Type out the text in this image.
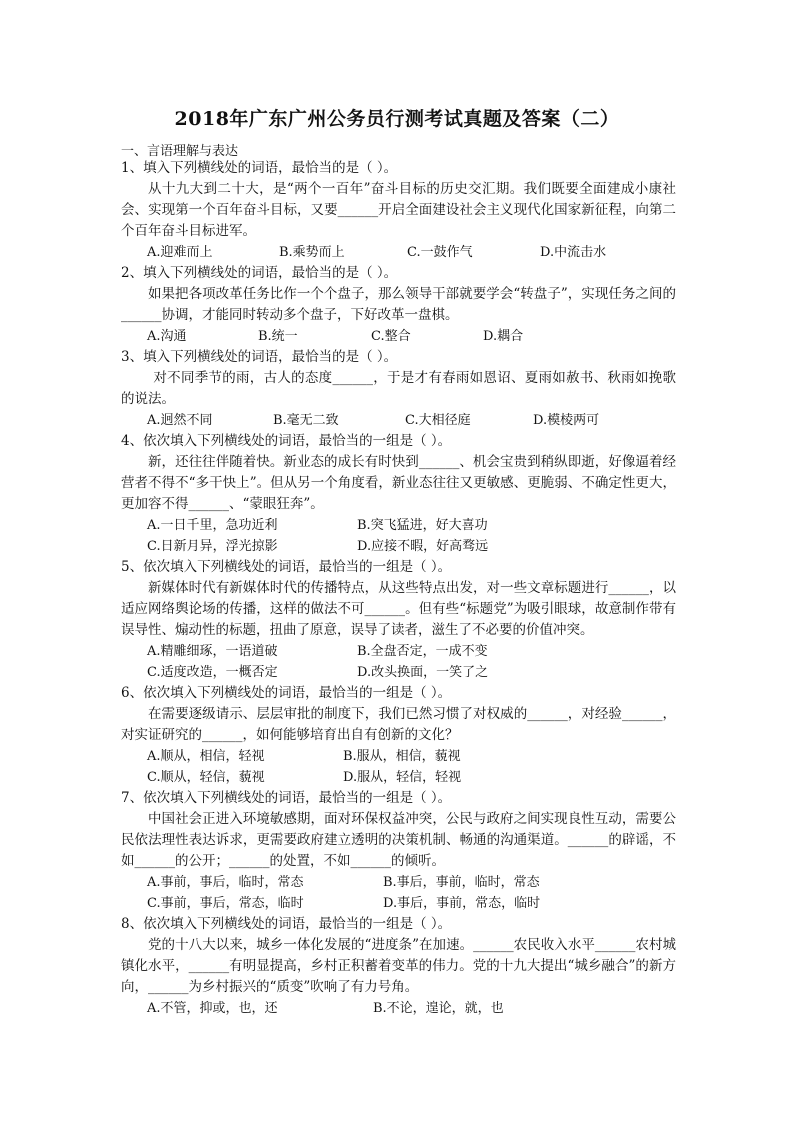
2018年广东广州公务员行测考试真题及答案（二）
一、言语理解与表达

1、填入下列横线处的词语，最恰当的是（ ）。

从十九大到二十大，是“两个一百年”奋斗目标的历史交汇期。我们既要全面建成小康社会、实现第一个百年奋斗目标，又要______开启全面建设社会主义现代化国家新征程，向第二个百年奋斗目标进军。

A.迎难而上	B.乘势而上	C.一鼓作气	D.中流击水

2、填入下列横线处的词语，最恰当的是（ ）。

如果把各项改革任务比作一个个盘子，那么领导干部就要学会“转盘子”，实现任务之间的______协调，才能同时转动多个盘子，下好改革一盘棋。

A.沟通	B.统一	C.整合	D.耦合

3、填入下列横线处的词语，最恰当的是（ ）。

对不同季节的雨，古人的态度______，于是才有春雨如恩诏、夏雨如赦书、秋雨如挽歌的说法。

A.迥然不同	B.毫无二致	C.大相径庭	D.模棱两可

4、依次填入下列横线处的词语，最恰当的一组是（ ）。

新，还往往伴随着快。新业态的成长有时快到______、机会宝贵到稍纵即逝，好像逼着经营者不得不“多干快上”。但从另一个角度看，新业态往往又更敏感、更脆弱、不确定性更大，更加容不得______、“蒙眼狂奔”。

A.一日千里，急功近利	B.突飞猛进，好大喜功
C.日新月异，浮光掠影	D.应接不暇，好高骛远

5、依次填入下列横线处的词语，最恰当的一组是（ ）。

新媒体时代有新媒体时代的传播特点，从这些特点出发，对一些文章标题进行______，以适应网络舆论场的传播，这样的做法不可______。但有些“标题党”为吸引眼球，故意制作带有误导性、煽动性的标题，扭曲了原意，误导了读者，滋生了不必要的价值冲突。

A.精雕细琢，一语道破	B.全盘否定，一成不变
C.适度改造，一概否定	D.改头换面，一笑了之

6、依次填入下列横线处的词语，最恰当的一组是（ ）。

在需要逐级请示、层层审批的制度下，我们已然习惯了对权威的______，对经验______，对实证研究的______，如何能够培育出自有创新的文化？

A.顺从，相信，轻视	B.服从，相信，藐视
C.顺从，轻信，藐视	D.服从，轻信，轻视

7、依次填入下列横线处的词语，最恰当的一组是（ ）。

中国社会正进入环境敏感期，面对环保权益冲突，公民与政府之间实现良性互动，需要公民依法理性表达诉求，更需要政府建立透明的决策机制、畅通的沟通渠道。______的辟谣，不如______的公开；______的处置，不如______的倾听。

A.事前，事后，临时，常态	B.事后，事前，临时，常态
C.事前，事后，常态，临时	D.事后，事前，常态，临时

8、依次填入下列横线处的词语，最恰当的一组是（ ）。

党的十八大以来，城乡一体化发展的“进度条”在加速。______农民收入水平______农村城镇化水平，______有明显提高，乡村正积蓄着变革的伟力。党的十九大提出“城乡融合”的新方向，______为乡村振兴的“质变”吹响了有力号角。

A.不管，抑或，也，还	B.不论，遑论，就，也
